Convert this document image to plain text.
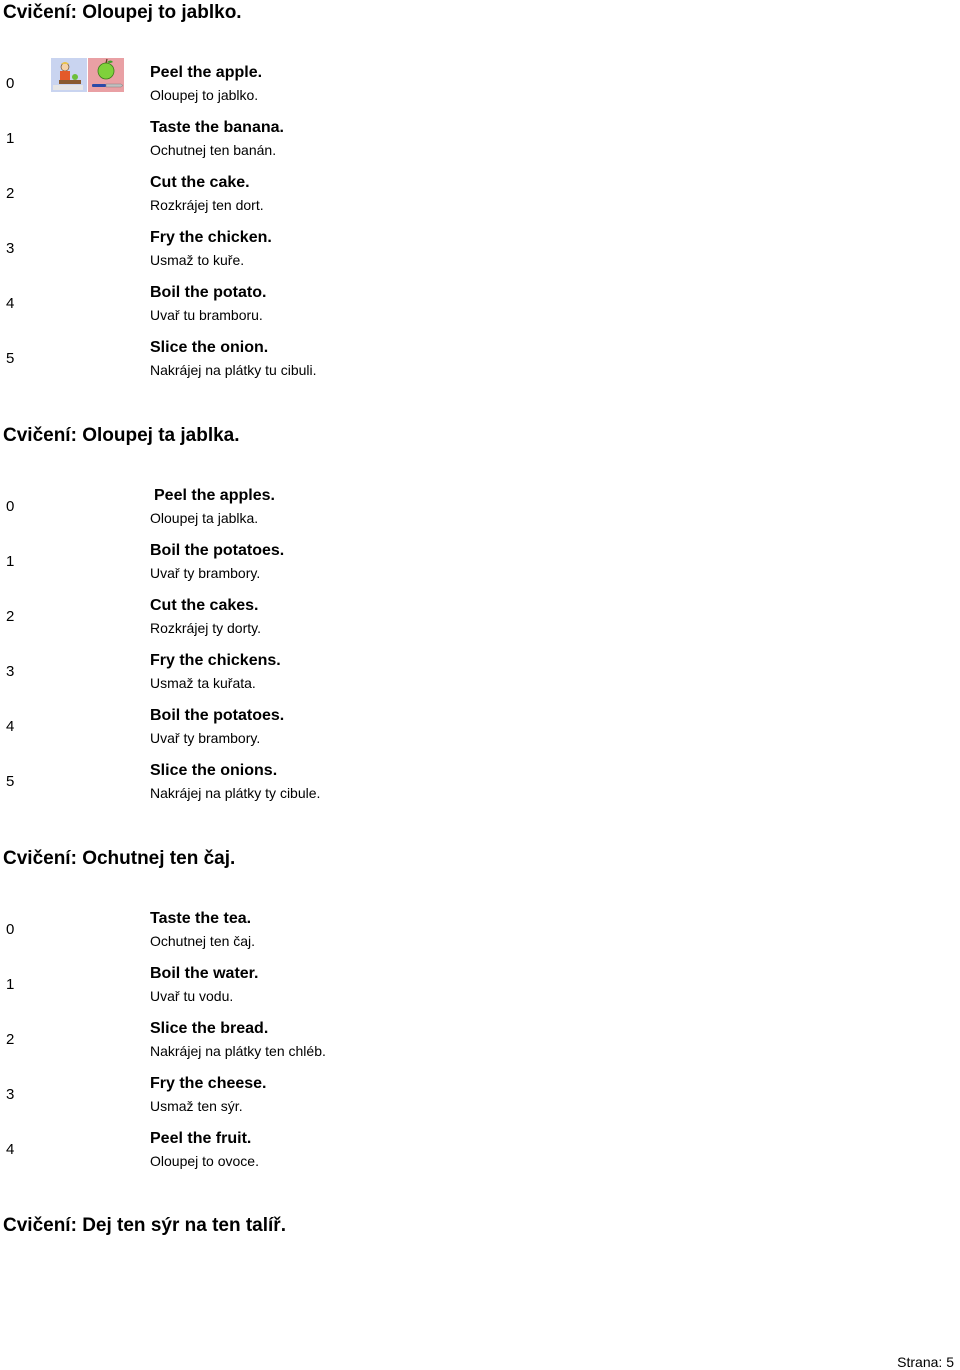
Cvičení: Oloupej to jablko.
0
Peel the apple.
Oloupej to jablko.
1
Taste the banana.
Ochutnej ten banán.
2
Cut the cake.
Rozkrájej ten dort.
3
Fry the chicken.
Usmaž to kuře.
4
Boil the potato.
Uvař tu bramboru.
5
Slice the onion.
Nakrájej na plátky tu cibuli.
Cvičení: Oloupej ta jablka.
0
Peel the apples.
Oloupej ta jablka.
1
Boil the potatoes.
Uvař ty brambory.
2
Cut the cakes.
Rozkrájej ty dorty.
3
Fry the chickens.
Usmaž ta kuřata.
4
Boil the potatoes.
Uvař ty brambory.
5
Slice the onions.
Nakrájej na plátky ty cibule.
Cvičení: Ochutnej ten čaj.
0
Taste the tea.
Ochutnej ten čaj.
1
Boil the water.
Uvař tu vodu.
2
Slice the bread.
Nakrájej na plátky ten chléb.
3
Fry the cheese.
Usmaž ten sýr.
4
Peel the fruit.
Oloupej to ovoce.
Cvičení: Dej ten sýr na ten talíř.
Strana: 5
